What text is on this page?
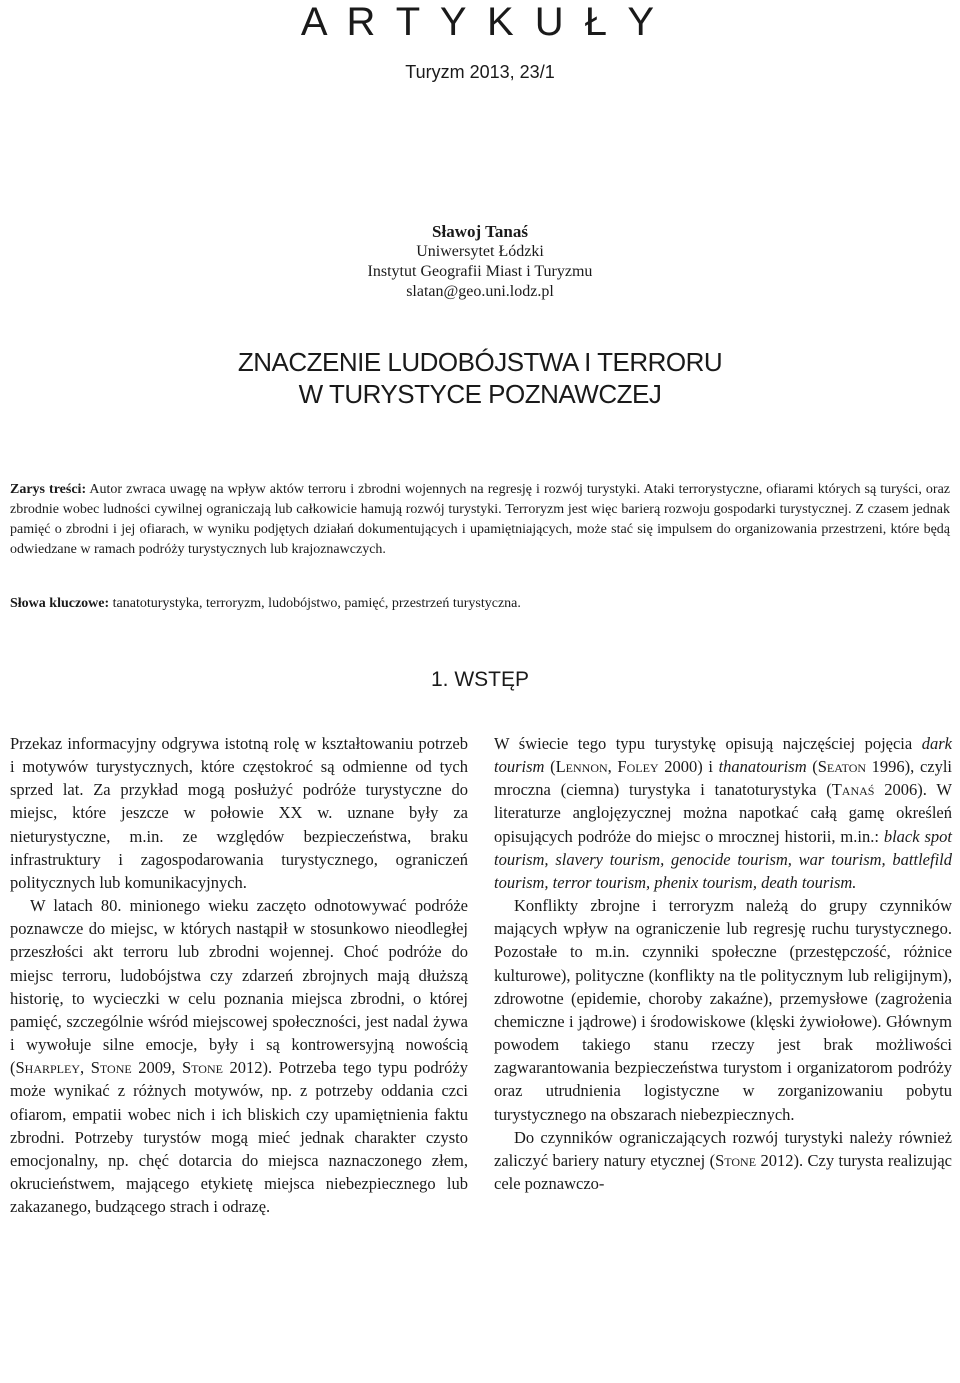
A R T Y K U Ł Y
Turyzm 2013, 23/1
Sławoj Tanaś
Uniwersytet Łódzki
Instytut Geografii Miast i Turyzmu
slatan@geo.uni.lodz.pl
ZNACZENIE LUDOBÓJSTWA I TERRORU
W TURYSTYCE POZNAWCZEJ
Zarys treści: Autor zwraca uwagę na wpływ aktów terroru i zbrodni wojennych na regresję i rozwój turystyki. Ataki terrorystyczne, ofiarami których są turyści, oraz zbrodnie wobec ludności cywilnej ograniczają lub całkowicie hamują rozwój turystyki. Terroryzm jest więc barierą rozwoju gospodarki turystycznej. Z czasem jednak pamięć o zbrodni i jej ofiarach, w wyniku podjętych działań dokumentujących i upamiętniających, może stać się impulsem do organizowania przestrzeni, które będą odwiedzane w ramach podróży turystycznych lub krajoznawczych.
Słowa kluczowe: tanatoturystyka, terroryzm, ludobójstwo, pamięć, przestrzeń turystyczna.
1. WSTĘP

Przekaz informacyjny odgrywa istotną rolę w kształtowaniu potrzeb i motywów turystycznych, które częstokroć są odmienne od tych sprzed lat. Za przykład mogą posłużyć podróże turystyczne do miejsc, które jeszcze w połowie XX w. uznane były za nieturystyczne, m.in. ze względów bezpieczeństwa, braku infrastruktury i zagospodarowania turystycznego, ograniczeń politycznych lub komunikacyjnych.

W latach 80. minionego wieku zaczęto odnotowywać podróże poznawcze do miejsc, w których nastąpił w stosunkowo nieodległej przeszłości akt terroru lub zbrodni wojennej. Choć podróże do miejsc terroru, ludobójstwa czy zdarzeń zbrojnych mają dłuższą historię, to wycieczki w celu poznania miejsca zbrodni, o której pamięć, szczególnie wśród miejscowej społeczności, jest nadal żywa i wywołuje silne emocje, były i są kontrowersyjną nowością (Sharpley, Stone 2009, Stone 2012). Potrzeba tego typu podróży może wynikać z różnych motywów, np. z potrzeby oddania czci ofiarom, empatii wobec nich i ich bliskich czy upamiętnienia faktu zbrodni. Potrzeby turystów mogą mieć jednak charakter czysto emocjonalny, np. chęć dotarcia do miejsca naznaczonego złem, okrucieństwem, mającego etykietę miejsca niebezpiecznego lub zakazanego, budzącego strach i odrazę.

W świecie tego typu turystykę opisują najczęściej pojęcia dark tourism (Lennon, Foley 2000) i thanatourism (Seaton 1996), czyli mroczna (ciemna) turystyka i tanatoturystyka (Tanaś 2006). W literaturze anglojęzycznej można napotkać całą gamę określeń opisujących podróże do miejsc o mrocznej historii, m.in.: black spot tourism, slavery tourism, genocide tourism, war tourism, battlefild tourism, terror tourism, phenix tourism, death tourism.

Konflikty zbrojne i terroryzm należą do grupy czynników mających wpływ na ograniczenie lub regresję ruchu turystycznego. Pozostałe to m.in. czynniki społeczne (przestępczość, różnice kulturowe), polityczne (konflikty na tle politycznym lub religijnym), zdrowotne (epidemie, choroby zakaźne), przemysłowe (zagrożenia chemiczne i jądrowe) i środowiskowe (klęski żywiołowe). Głównym powodem takiego stanu rzeczy jest brak możliwości zagwarantowania bezpieczeństwa turystom i organizatorom podróży oraz utrudnienia logistyczne w zorganizowaniu pobytu turystycznego na obszarach niebezpiecznych.

Do czynników ograniczających rozwój turystyki należy również zaliczyć bariery natury etycznej (Stone 2012). Czy turysta realizując cele poznawczo-
